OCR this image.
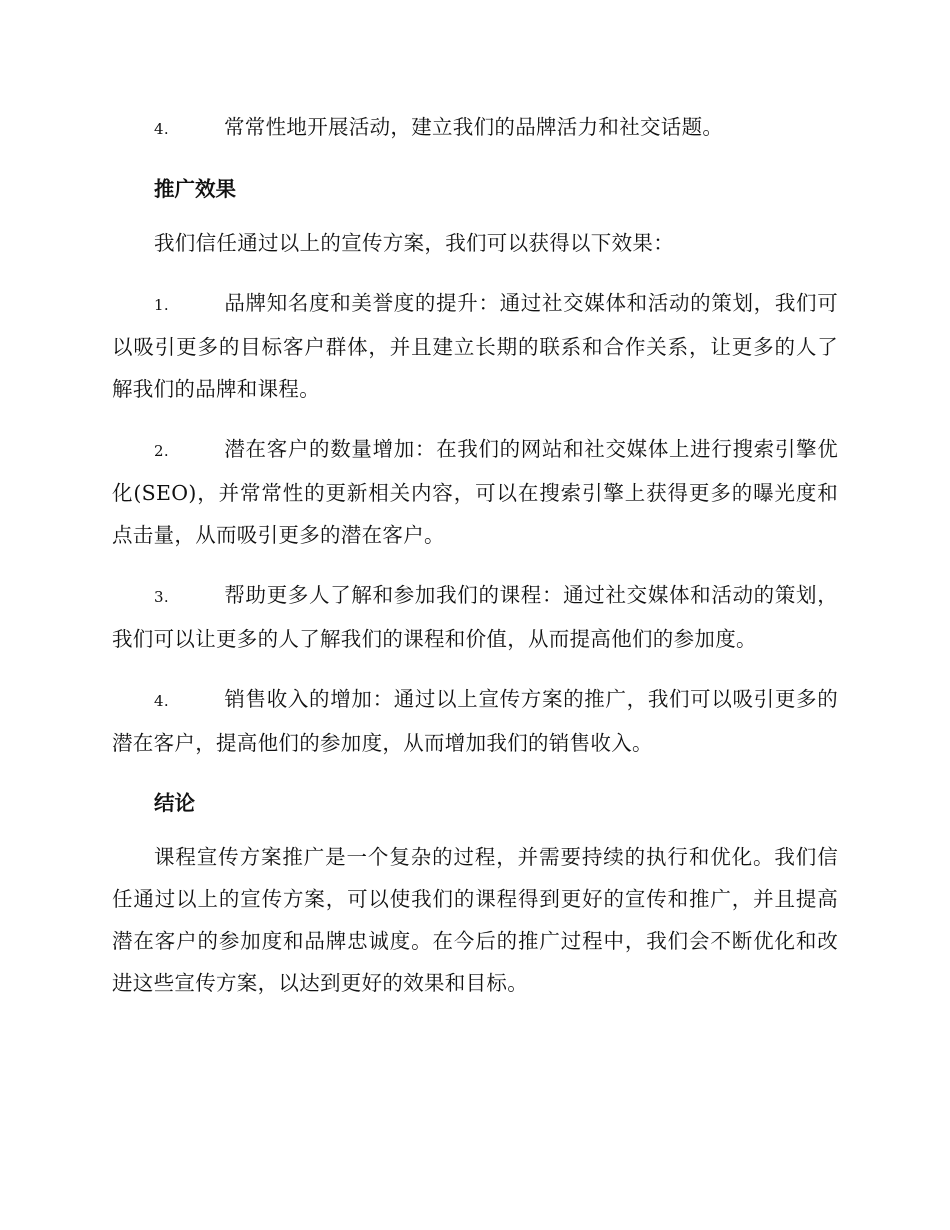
4.	常常性地开展活动，建立我们的品牌活力和社交话题。

推广效果

我们信任通过以上的宣传方案，我们可以获得以下效果：

1.	品牌知名度和美誉度的提升：通过社交媒体和活动的策划，我们可以吸引更多的目标客户群体，并且建立长期的联系和合作关系，让更多的人了解我们的品牌和课程。

2.	潜在客户的数量增加：在我们的网站和社交媒体上进行搜索引擎优化(SEO)，并常常性的更新相关内容，可以在搜索引擎上获得更多的曝光度和点击量，从而吸引更多的潜在客户。

3.	帮助更多人了解和参加我们的课程：通过社交媒体和活动的策划，我们可以让更多的人了解我们的课程和价值，从而提高他们的参加度。

4.	销售收入的增加：通过以上宣传方案的推广，我们可以吸引更多的潜在客户，提高他们的参加度，从而增加我们的销售收入。

结论

课程宣传方案推广是一个复杂的过程，并需要持续的执行和优化。我们信任通过以上的宣传方案，可以使我们的课程得到更好的宣传和推广，并且提高潜在客户的参加度和品牌忠诚度。在今后的推广过程中，我们会不断优化和改进这些宣传方案，以达到更好的效果和目标。
